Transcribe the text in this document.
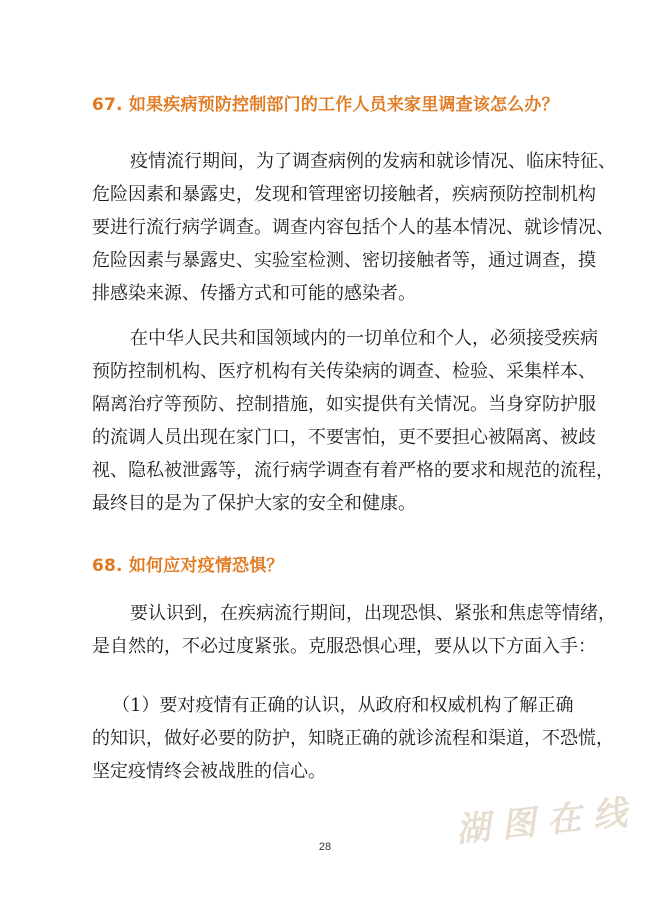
67. 如果疾病预防控制部门的工作人员来家里调查该怎么办？
疫情流行期间，为了调查病例的发病和就诊情况、临床特征、
危险因素和暴露史，发现和管理密切接触者，疾病预防控制机构
要进行流行病学调查。调查内容包括个人的基本情况、就诊情况、
危险因素与暴露史、实验室检测、密切接触者等，通过调查，摸
排感染来源、传播方式和可能的感染者。
在中华人民共和国领域内的一切单位和个人，必须接受疾病
预防控制机构、医疗机构有关传染病的调查、检验、采集样本、
隔离治疗等预防、控制措施，如实提供有关情况。当身穿防护服
的流调人员出现在家门口，不要害怕，更不要担心被隔离、被歧
视、隐私被泄露等，流行病学调查有着严格的要求和规范的流程，
最终目的是为了保护大家的安全和健康。
68. 如何应对疫情恐惧？
要认识到，在疾病流行期间，出现恐惧、紧张和焦虑等情绪，
是自然的，不必过度紧张。克服恐惧心理，要从以下方面入手：
（1）要对疫情有正确的认识，从政府和权威机构了解正确
的知识，做好必要的防护，知晓正确的就诊流程和渠道，不恐慌，
坚定疫情终会被战胜的信心。
28	湖 图 在 线
